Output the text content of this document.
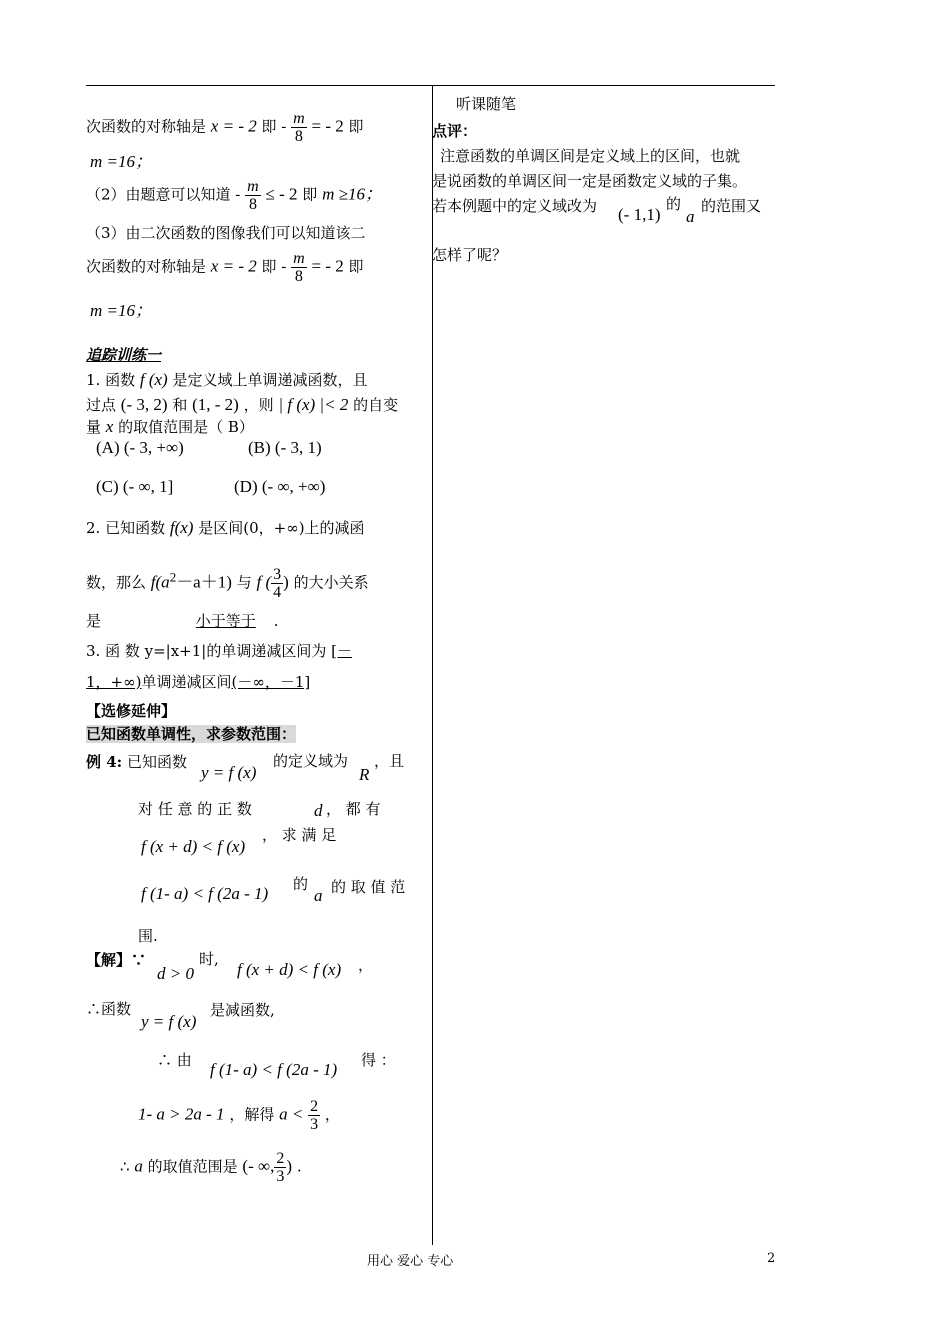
次函数的对称轴是 x = - 2 即 - $\frac{m}{8}$ = - 2 即
m =16；
（2）由题意可以知道 - $\frac{m}{8}$ ≤ - 2 即 m ≥16；
（3）由二次函数的图像我们可以知道该二
次函数的对称轴是 x = - 2 即 - $\frac{m}{8}$ = - 2 即
m =16；
追踪训练一
1. 函数 f (x) 是定义域上单调递减函数，且
过点 (- 3, 2) 和 (1, - 2) ，则 | f (x) |< 2 的自变
量 x 的取值范围是（ B）
(A) (- 3, +∞)	(B) (- 3, 1)
(C) (- ∞, 1]	(D) (- ∞, +∞)
2. 已知函数 f(x) 是区间(0，+∞)上的减函
数，那么 $f(a^2-a+1)$ 与 f ( $\frac{3}{4}$ ) 的大小关系
是	小于等于 .
3. 函 数 y=|x+1|的单调递减区间为 [－
1，+∞)单调递减区间(－∞，－1]
【选修延伸】
已知函数单调性，求参数范围：
例 4: 已知函数
y = f (x)
的定义域为
R
，且
对 任 意 的 正 数	d ， 都 有
f (x + d) < f (x)
， 求 满 足
f (1- a) < f (2a - 1) 的
a 的 取 值 范
围.
【解】∵
d > 0
时,
f (x + d) < f (x) ，
∴函数
y = f (x)
是减函数,
∴ 由 f (1- a) < f (2a - 1) 得 ：
1- a > 2a - 1 ，解得 $a < \frac{2}{3}$ ，
∴ a 的取值范围是 (- ∞, $\frac{2}{3}$ ) .
听课随笔
点评：
注意函数的单调区间是定义域上的区间，也就
是说函数的单调区间一定是函数定义域的子集。
若本例题中的定义域改为 (- 1,1)
的
a
的范围又
怎样了呢？
用心 爱心 专心	2
